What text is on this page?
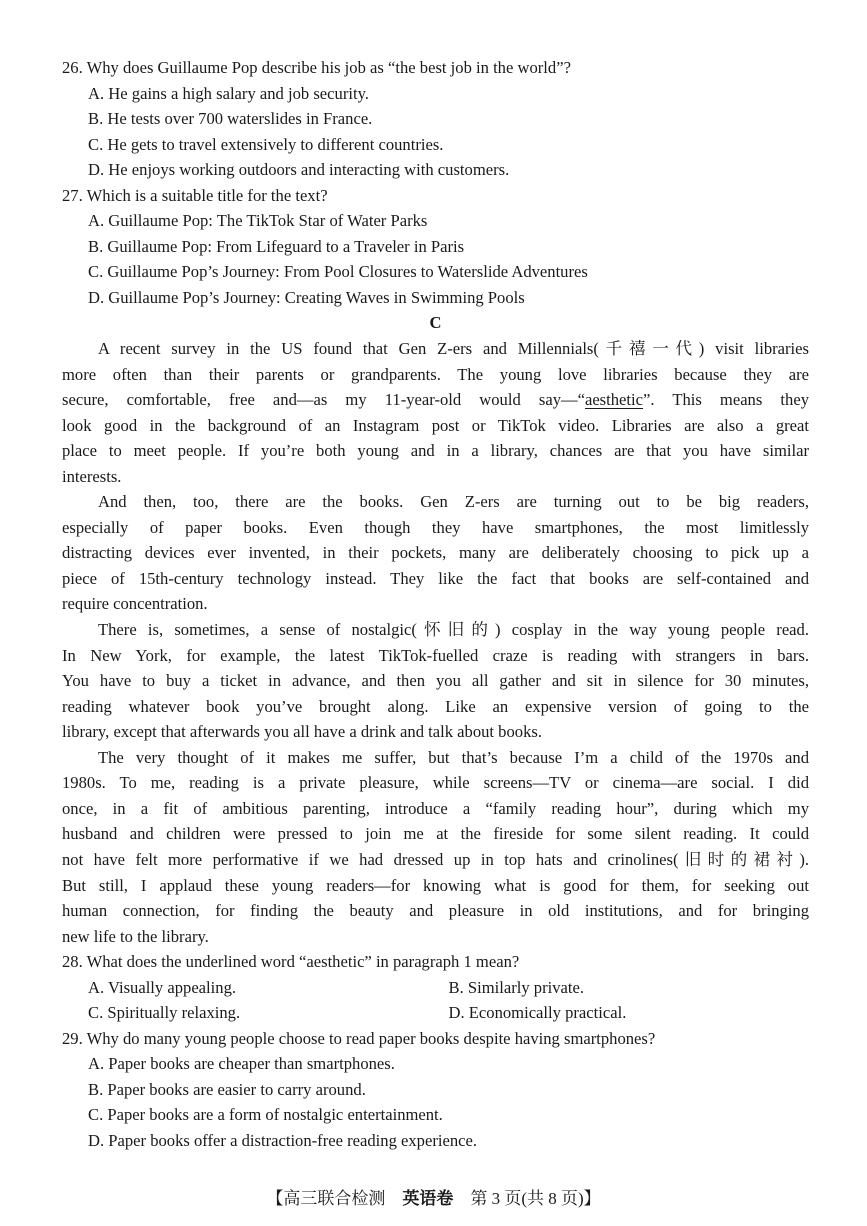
26. Why does Guillaume Pop describe his job as “the best job in the world”?
A. He gains a high salary and job security.
B. He tests over 700 waterslides in France.
C. He gets to travel extensively to different countries.
D. He enjoys working outdoors and interacting with customers.
27. Which is a suitable title for the text?
A. Guillaume Pop: The TikTok Star of Water Parks
B. Guillaume Pop: From Lifeguard to a Traveler in Paris
C. Guillaume Pop’s Journey: From Pool Closures to Waterslide Adventures
D. Guillaume Pop’s Journey: Creating Waves in Swimming Pools
C
A recent survey in the US found that Gen Z-ers and Millennials(千禧一代) visit libraries
more often than their parents or grandparents. The young love libraries because they are
secure, comfortable, free and—as my 11-year-old would say—“aesthetic”. This means they
look good in the background of an Instagram post or TikTok video. Libraries are also a great
place to meet people. If you’re both young and in a library, chances are that you have similar
interests.
And then, too, there are the books. Gen Z-ers are turning out to be big readers,
especially of paper books. Even though they have smartphones, the most limitlessly
distracting devices ever invented, in their pockets, many are deliberately choosing to pick up a
piece of 15th-century technology instead. They like the fact that books are self-contained and
require concentration.
There is, sometimes, a sense of nostalgic(怀旧的) cosplay in the way young people read.
In New York, for example, the latest TikTok-fuelled craze is reading with strangers in bars.
You have to buy a ticket in advance, and then you all gather and sit in silence for 30 minutes,
reading whatever book you’ve brought along. Like an expensive version of going to the
library, except that afterwards you all have a drink and talk about books.
The very thought of it makes me suffer, but that’s because I’m a child of the 1970s and
1980s. To me, reading is a private pleasure, while screens—TV or cinema—are social. I did
once, in a fit of ambitious parenting, introduce a “family reading hour”, during which my
husband and children were pressed to join me at the fireside for some silent reading. It could
not have felt more performative if we had dressed up in top hats and crinolines(旧时的裙衬).
But still, I applaud these young readers—for knowing what is good for them, for seeking out
human connection, for finding the beauty and pleasure in old institutions, and for bringing
new life to the library.
28. What does the underlined word “aesthetic” in paragraph 1 mean?
A. Visually appealing.	B. Similarly private.
C. Spiritually relaxing.	D. Economically practical.
29. Why do many young people choose to read paper books despite having smartphones?
A. Paper books are cheaper than smartphones.
B. Paper books are easier to carry around.
C. Paper books are a form of nostalgic entertainment.
D. Paper books offer a distraction-free reading experience.
【高三联合检测　英语卷　第 3 页(共 8 页)】
